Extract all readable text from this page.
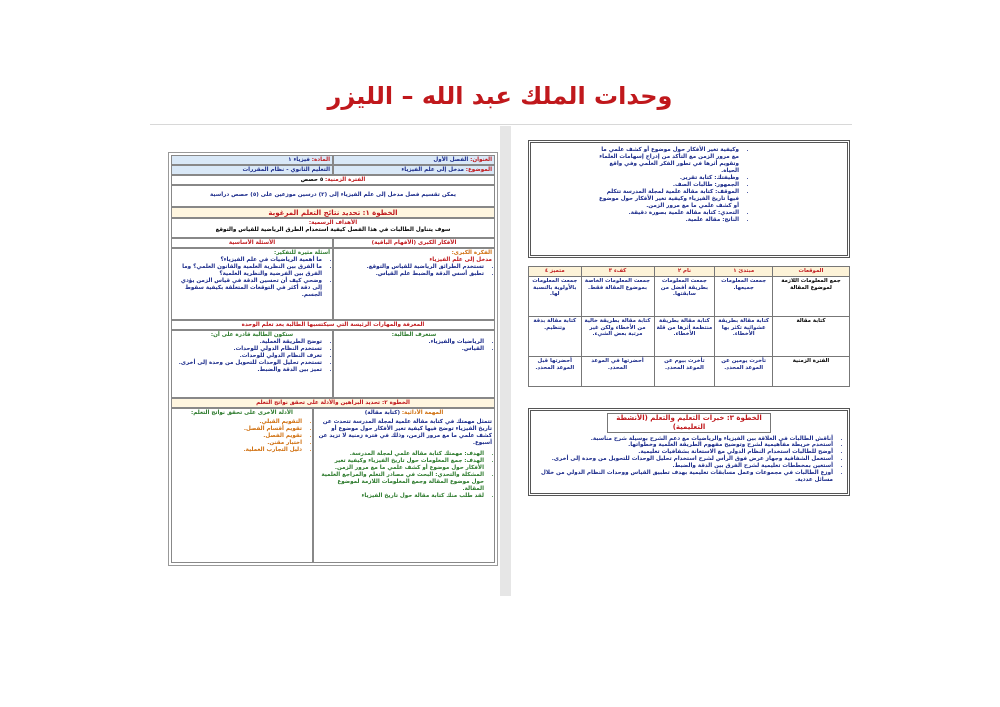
وحدات الملك عبد الله – الليزر
العنوان: الفصل الأول
المادة: فيزياء ١
الموضوع: مدخل إلى علم الفيزياء
التعليم الثانوي - نظام المقررات
الفترة الزمنية: ٥ حصص
يمكن تقسيم فصل مدخل إلى علم الفيزياء إلى (٢) درسين موزعين على (٥) حصص دراسية
الخطوة ١: تحديد نتائج التعلم المرغوبة
الأهداف الرسمية:
سوف يتناول الطالبات في هذا الفصل كيفية استخدام الطرق الرياضية للقياس والتوقع
الأفكار الكبرى (الأفهام الباقية)
الأسئلة الأساسية
الفكرة الكبرى:
مدخل إلى علم الفيزياء
• تستخدم الطرائق الرياضية للقياس والتوقع.
• تطبق أسس الدقة والضبط علم القياس.
أسئلة مثيرة للتفكير:
• ما أهمية الرياضيات في علم الفيزياء؟
• ما الفرق بين النظرية العلمية والقانون العلمي؟ وما الفرق بين الفرضية والنظرية العلمية؟
• وضحي كيف أن تحسين الدقة في قياس الزمن يؤدي إلى دقة أكثر في التوقعات المتعلقة بكيفية سقوط الجسم.
المعرفة والمهارات الرئيسة التي سيكتسبها الطالبة بعد تعلم الوحدة
ستعرف الطالبة:
• الرياضيات والفيزياء.
• القياس.
ستكون الطالبة قادرة على أن:
• توضح الطريقة العملية.
• تستخدم النظام الدولي للوحدات.
• تعرف النظام الدولي للوحدات.
• تستخدم تحليل الوحدات للتحويل من وحدة إلى أخرى.
• تميز بين الدقة والضبط.
الخطوة ٢: تحديد البراهين والأدلة على تحقق نواتج التعلم
المهمة الأدائية: (كتابة مقالة)
تتمثل مهمتك في كتابة مقالة علمية لمجلة المدرسة تتحدث عن تاريخ الفيزياء توضح فيها كيفية تغير الأفكار حول موضوع أو كشف علمي ما مع مرور الزمن، وذلك في فترة زمنية لا تزيد عن أسبوع.
• الهدف: مهمتك كتابة مقالة علمي لمجلة المدرسة.
• الهدف: جمع المعلومات حول تاريخ الفيزياء وكيفية تغير الأفكار حول موضوع أو كشف علمي ما مع مرور الزمن.
• المشكلة والتحدي: البحث في مصادر التعلم والمراجع العلمية حول موضوع المقالة وجمع المعلومات اللازمة لموضوع المقالة.
• لقد طلب منك كتابة مقالة حول تاريخ الفيزياء
الأدلة الأخرى على تحقق نواتج التعلم:
• التقويم القبلي.
• تقويم أقسام الفصل.
• تقويم الفصل.
• اختبار مقنن.
• دليل التجارب العملية.
• وكيفية تغير الأفكار حول موضوع أو كشف علمي ما مع مرور الزمن مع التأكد من إدراج إسهامات العلماء وتقويم أثرها في تطور الفكر العلمي وفي واقع الحياة.
• وظيفتك: كتابة تقرير.
• الجمهور: طالبات الصف.
• الموقف: كتابة مقالة علمية لمجلة المدرسة تتكلم فيها تاريخ الفيزياء وكيفية تغير الأفكار حول موضوع أو كشف علمي ما مع مرور الزمن.
• التحدي: كتابة مقالة علمية بصورة دقيقة.
• الناتج: مقالة علمية.
الموقعات	مبتدئ ١	نام ٢	كفء ٣	متميز ٤
جمع المعلومات اللازمة لموضوع المقالة	جمعت المعلومات جميعها.	جمعت المعلومات بطريقة أفضل من سابقتها.	جمعت المعلومات الخاصة بموضوع المقالة فقط.	جمعت المعلومات بالأولوية بالنسبة لها.
كتابة مقالة	كتابة مقالة بطريقة عشوائية تكثر بها الأخطاء.	كتابة مقالة بطريقة منتظمة أثرها من قلة الأخطاء.	كتابة مقالة بطريقة خالية من الأخطاء ولكن غير مرتبة بعض الشيء.	كتابة مقالة بدقة وتنظيم.
الفترة الزمنية	تأخرت يومين عن الموعد المحدد.	تأخرت بيوم عن الموعد المحدد.	أحضرتها في الموعد المحدد.	أحضرتها قبل الموعد المحدد.
الخطوة ٣: خبرات التعليم والتعلم (الأنشطة التعليمية)
• أناقش الطالبات في العلاقة بين الفيزياء والرياضيات مع دعم الشرح بوسيلة شرح مناسبة.
• أستخدم خريطة مفاهيمية لشرح وتوضيح مفهوم الطريقة العلمية وخطواتها.
• أوضح للطالبات استخدام النظام الدولي مع الاستعانة بشفافيات تعليمية.
• أستعمل الشفافية وجهاز عرض فوق الرأس لشرح استخدام تحليل الوحدات للتحويل من وحدة إلى أخرى.
• أستعين بمخططات تعليمية لشرح الفرق بين الدقة والضبط.
• أوزع الطالبات في مجموعات وعمل مسابقات تعليمية بهدف تطبيق القياس ووحدات النظام الدولي من خلال مسائل عددية.
